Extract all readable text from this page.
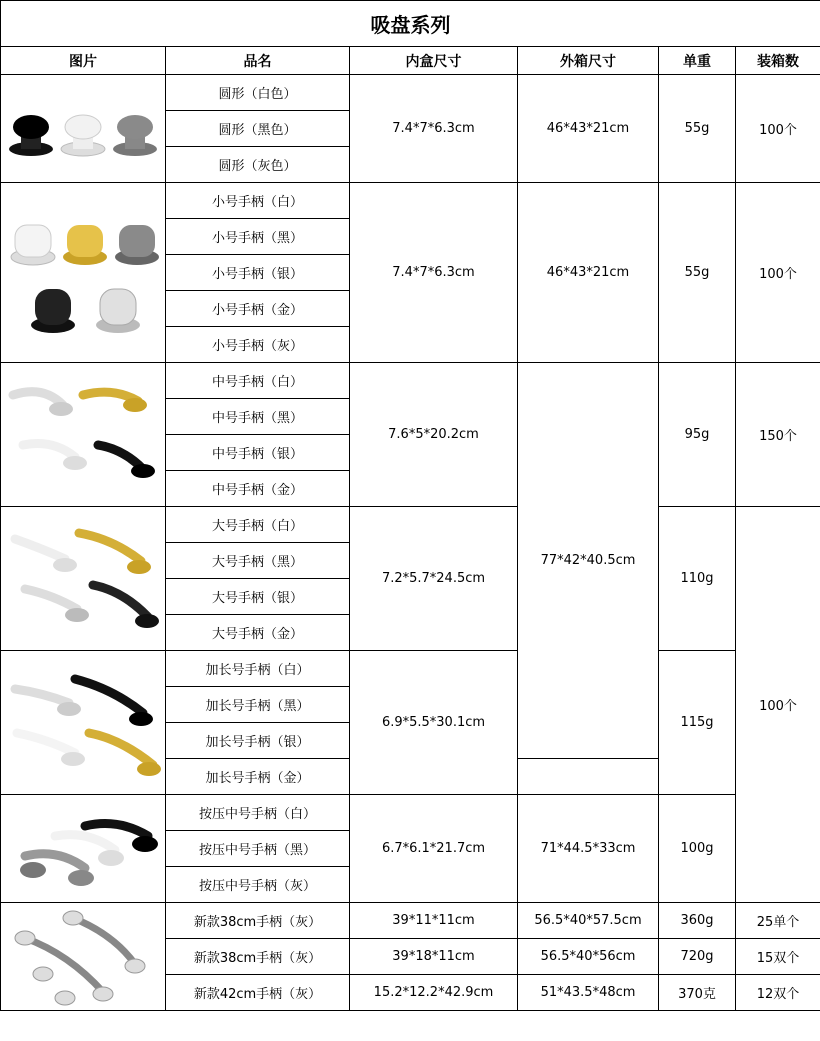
吸盘系列					
图片	品名	内盒尺寸	外箱尺寸	单重	装箱数

	圆形（白色）	7.4*7*6.3cm	46*43*21cm	55g	100个
	圆形（黑色）				
	圆形（灰色）				

	小号手柄（白）	7.4*7*6.3cm	46*43*21cm	55g	100个
	小号手柄（黑）				
	小号手柄（银）				
	小号手柄（金）				
	小号手柄（灰）				

	中号手柄（白）	7.6*5*20.2cm	77*42*40.5cm	95g	150个
	中号手柄（黑）				
	中号手柄（银）				
	中号手柄（金）				

	大号手柄（白）	7.2*5.7*24.5cm		110g	100个
	大号手柄（黑）				
	大号手柄（银）				
	大号手柄（金）				

	加长号手柄（白）	6.9*5.5*30.1cm		115g	
	加长号手柄（黑）				
	加长号手柄（银）				
	加长号手柄（金）				

	按压中号手柄（白）	6.7*6.1*21.7cm	71*44.5*33cm	100g	
	按压中号手柄（黑）				
	按压中号手柄（灰）				

	新款38cm手柄（灰）	39*11*11cm	56.5*40*57.5cm	360g	25单个
	新款38cm手柄（灰）	39*18*11cm	56.5*40*56cm	720g	15双个
	新款42cm手柄（灰）	15.2*12.2*42.9cm	51*43.5*48cm	370克	12双个
